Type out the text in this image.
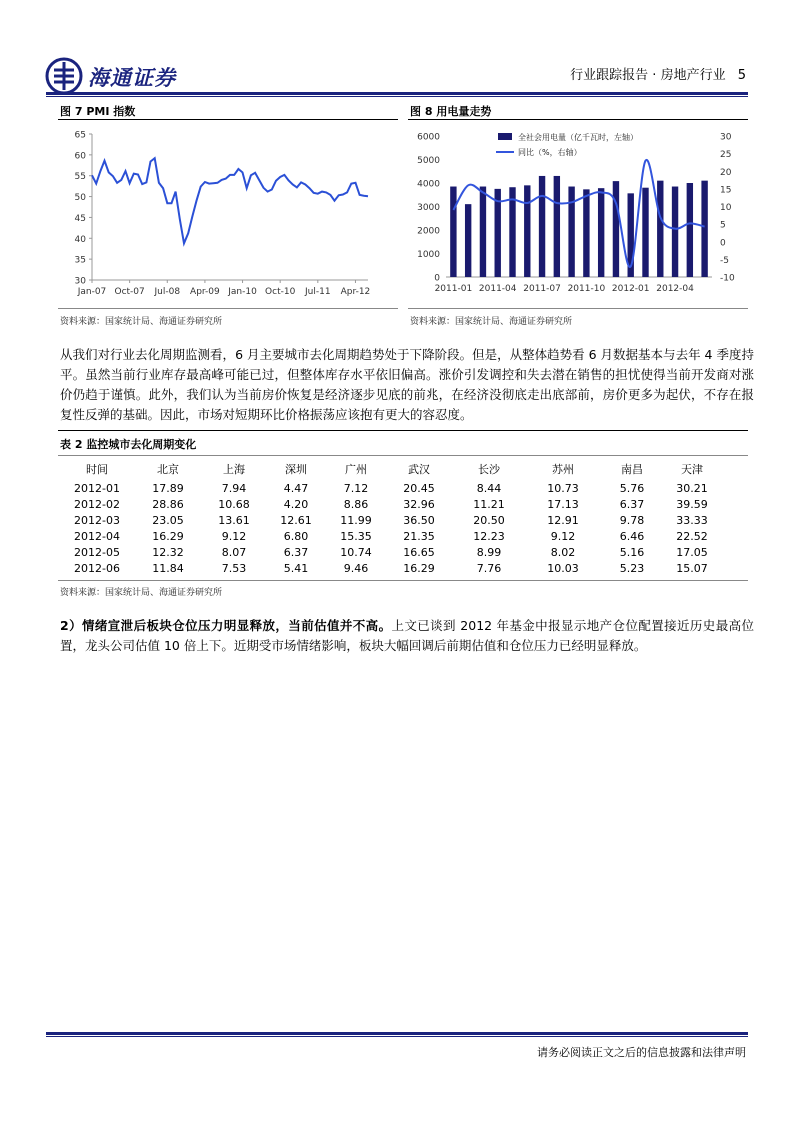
海通证券	行业跟踪报告 · 房地产行业 5
图 7 PMI 指数
30
35
40
45
50
55
60
65
Jan-07 Oct-07 Jul-08 Apr-09 Jan-10 Oct-10 Jul-11 Apr-12
资料来源：国家统计局、海通证券研究所
图 8 用电量走势
0
1000
2000
3000
4000
5000
6000
-10
-5
0
5
10
15
20
25
30
2011-01 2011-04 2011-07 2011-10 2012-01 2012-04
全社会用电量（亿千瓦时，左轴）
同比（%，右轴）
资料来源：国家统计局、海通证券研究所
从我们对行业去化周期监测看，6 月主要城市去化周期趋势处于下降阶段。但是，从整体趋势看 6 月数据基本与去年 4 季度持平。虽然当前行业库存最高峰可能已过，但整体库存水平依旧偏高。涨价引发调控和失去潜在销售的担忧使得当前开发商对涨价仍趋于谨慎。此外，我们认为当前房价恢复是经济逐步见底的前兆，在经济没彻底走出底部前，房价更多为起伏，不存在报复性反弹的基础。因此，市场对短期环比价格振荡应该抱有更大的容忍度。
表 2 监控城市去化周期变化
时间	北京	上海	深圳	广州	武汉	长沙	苏州	南昌	天津
2012-01	17.89	7.94	4.47	7.12	20.45	8.44	10.73	5.76	30.21
2012-02	28.86	10.68	4.20	8.86	32.96	11.21	17.13	6.37	39.59
2012-03	23.05	13.61	12.61	11.99	36.50	20.50	12.91	9.78	33.33
2012-04	16.29	9.12	6.80	15.35	21.35	12.23	9.12	6.46	22.52
2012-05	12.32	8.07	6.37	10.74	16.65	8.99	8.02	5.16	17.05
2012-06	11.84	7.53	5.41	9.46	16.29	7.76	10.03	5.23	15.07
资料来源：国家统计局、海通证券研究所
2）情绪宣泄后板块仓位压力明显释放，当前估值并不高。上文已谈到 2012 年基金中报显示地产仓位配置接近历史最高位置，龙头公司估值 10 倍上下。近期受市场情绪影响，板块大幅回调后前期估值和仓位压力已经明显释放。
请务必阅读正文之后的信息披露和法律声明
